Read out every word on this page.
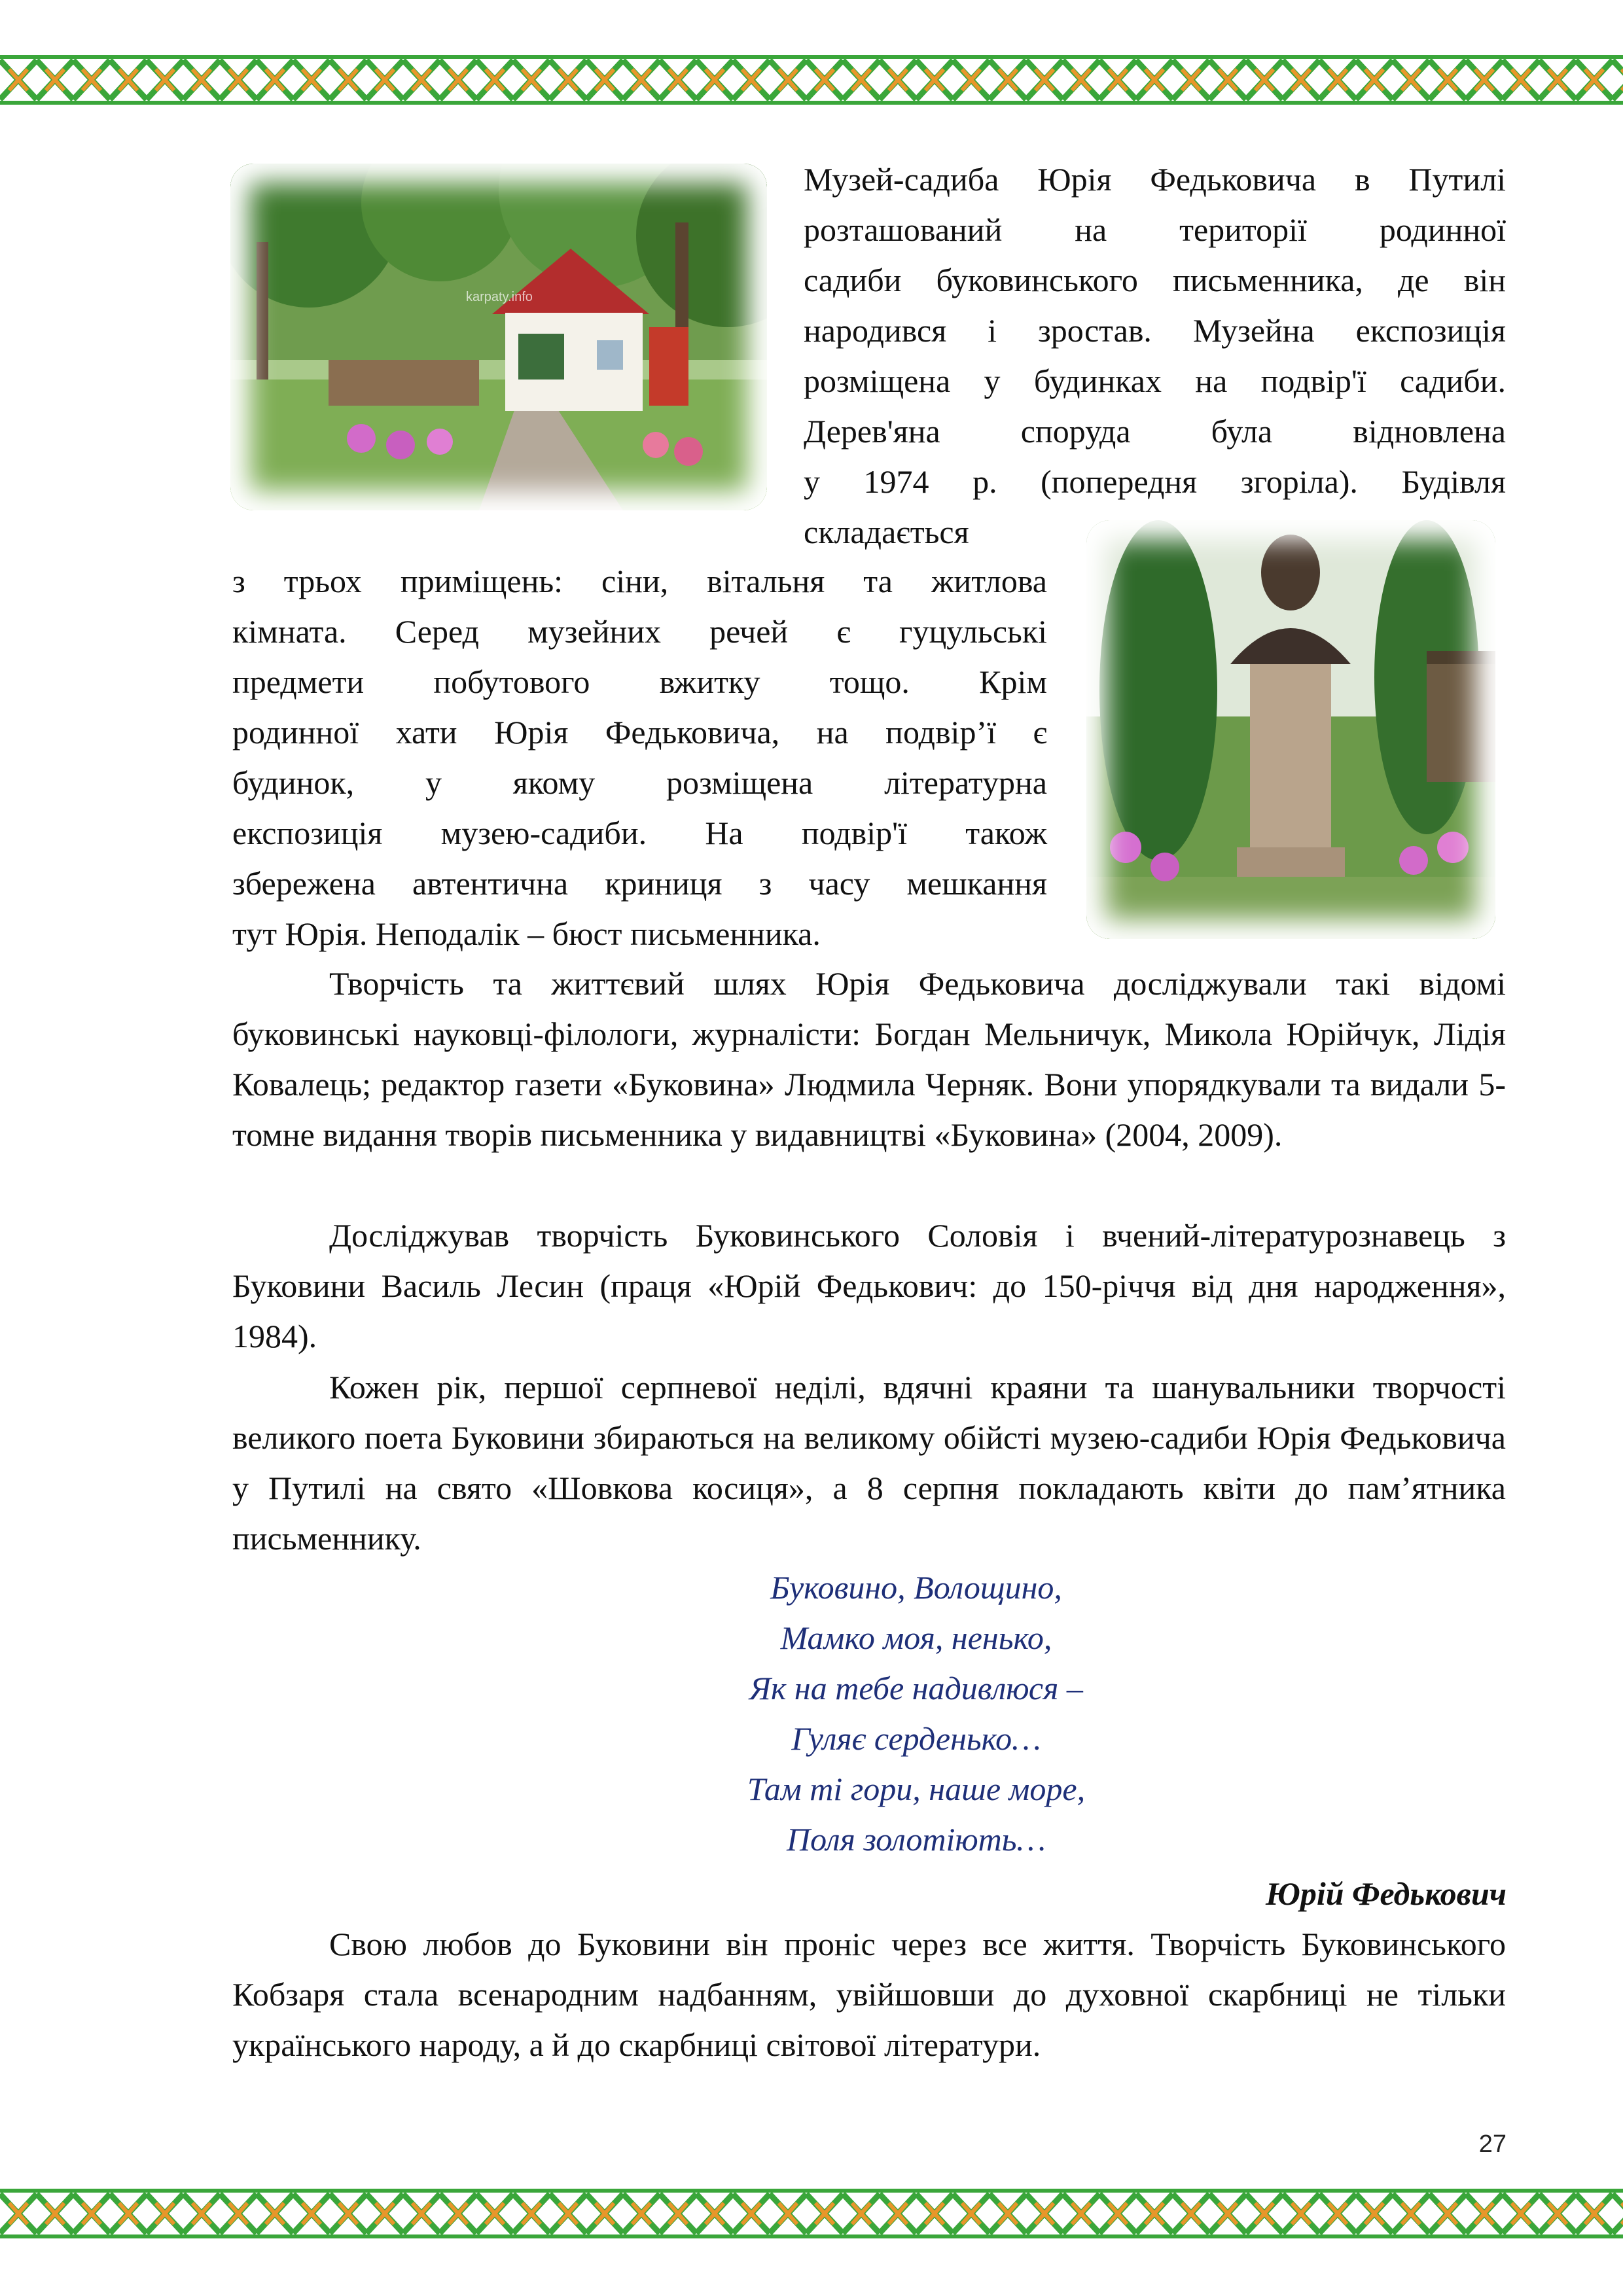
karpaty.info
Музей-садиба Юрія Федьковича в Путилі
розташований на території родинної
садиби буковинського письменника, де він
народився і зростав. Музейна експозиція
розміщена у будинках на подвір'ї садиби.
Дерев'яна споруда була відновлена
у 1974 р. (попередня згоріла). Будівля
складається
з трьох приміщень: сіни, вітальня та житлова
кімната. Серед музейних речей є гуцульські
предмети побутового вжитку тощо. Крім
родинної хати Юрія Федьковича, на подвір’ї є
будинок, у якому розміщена літературна
експозиція музею-садиби. На подвір'ї також
збережена автентична криниця з часу мешкання
тут Юрія. Неподалік – бюст письменника.

Творчість та життєвий шлях Юрія Федьковича досліджували такі відомі буковинські науковці-філологи, журналісти: Богдан Мельничук, Микола Юрійчук, Лідія Ковалець; редактор газети «Буковина» Людмила Черняк. Вони упорядкували та видали 5-томне видання творів письменника у видавництві «Буковина» (2004, 2009).

Досліджував творчість Буковинського Соловія і вчений-літературознавець з Буковини Василь Лесин (праця «Юрій Федькович: до 150-річчя від дня народження», 1984).

Кожен рік, першої серпневої неділі, вдячні краяни та шанувальники творчості великого поета Буковини збираються на великому обійсті музею-садиби Юрія Федьковича у Путилі на свято «Шовкова косиця», а 8 серпня покладають квіти до пам’ятника письменнику.

Буковино, Волощино,
Мамко моя, ненько,
Як на тебе надивлюся –
Гуляє серденько…
Там ті гори, наше море,
Поля золотіють…

Юрій Федькович

Свою любов до Буковини він проніс через все життя. Творчість Буковинського Кобзаря стала всенародним надбанням, увійшовши до духовної скарбниці не тільки українського народу, а й до скарбниці світової літератури.

27
